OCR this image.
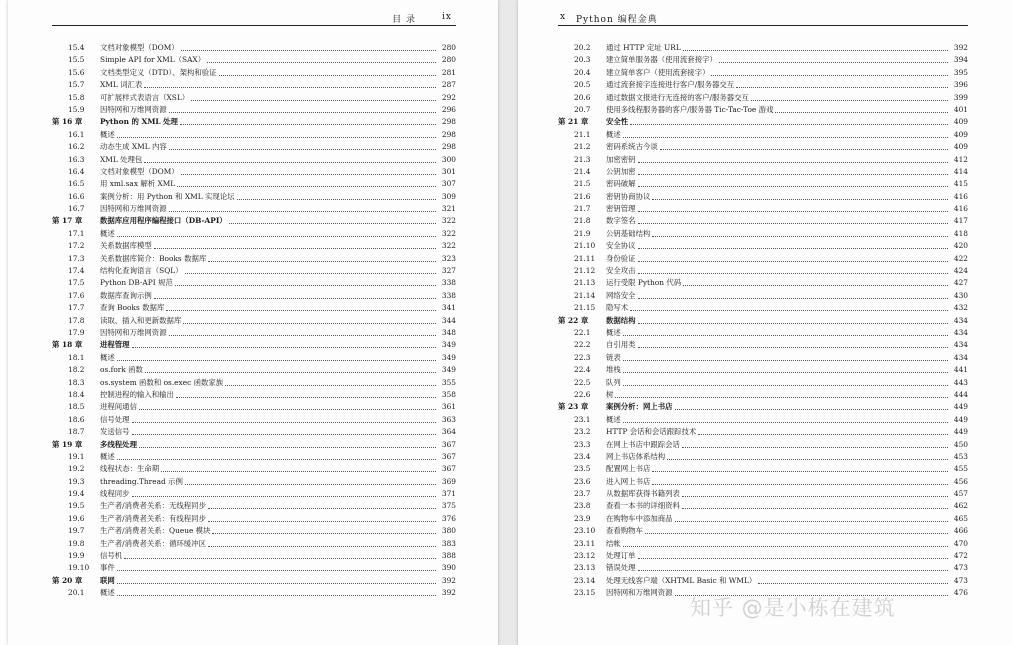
目 录	ix
15.4	文档对象模型（DOM）	280
15.5	Simple API for XML（SAX）	280
15.6	文档类型定义（DTD）、架构和验证	281
15.7	XML 词汇表	287
15.8	可扩展样式表语言（XSL）	292
15.9	因特网和万维网资源	296
第 16 章	Python 的 XML 处理	298
16.1	概述	298
16.2	动态生成 XML 内容	298
16.3	XML 处理包	300
16.4	文档对象模型（DOM）	301
16.5	用 xml.sax 解析 XML	307
16.6	案例分析：用 Python 和 XML 实现论坛	309
16.7	因特网和万维网资源	321
第 17 章	数据库应用程序编程接口（DB-API）	322
17.1	概述	322
17.2	关系数据库模型	322
17.3	关系数据库简介：Books 数据库	323
17.4	结构化查询语言（SQL）	327
17.5	Python DB-API 规范	338
17.6	数据库查询示例	338
17.7	查询 Books 数据库	341
17.8	读取、插入和更新数据库	344
17.9	因特网和万维网资源	348
第 18 章	进程管理	349
18.1	概述	349
18.2	os.fork 函数	349
18.3	os.system 函数和 os.exec 函数家族	355
18.4	控制进程的输入和输出	358
18.5	进程间通信	361
18.6	信号处理	363
18.7	发送信号	364
第 19 章	多线程处理	367
19.1	概述	367
19.2	线程状态：生命期	367
19.3	threading.Thread 示例	369
19.4	线程同步	371
19.5	生产者/消费者关系：无线程同步	375
19.6	生产者/消费者关系：有线程同步	376
19.7	生产者/消费者关系：Queue 模块	380
19.8	生产者/消费者关系：循环缓冲区	383
19.9	信号机	388
19.10	事件	390
第 20 章	联网	392
20.1	概述	392
x Python 编程金典
20.2	通过 HTTP 定址 URL	392
20.3	建立简单服务器（使用流套接字）	394
20.4	建立简单客户（使用流套接字）	395
20.5	通过流套接字连接进行客户/服务器交互	396
20.6	通过数据文报进行无连接的客户/服务器交互	399
20.7	使用多线程服务器的客户/服务器 Tic-Tac-Toe 游戏	401
第 21 章	安全性	409
21.1	概述	409
21.2	密码系统古今谈	409
21.3	加密密钥	412
21.4	公钥加密	414
21.5	密码破解	415
21.6	密钥协商协议	416
21.7	密钥管理	416
21.8	数字签名	417
21.9	公钥基础结构	418
21.10	安全协议	420
21.11	身份验证	422
21.12	安全攻击	424
21.13	运行受限 Python 代码	427
21.14	网络安全	430
21.15	隐写术	432
第 22 章	数据结构	434
22.1	概述	434
22.2	自引用类	434
22.3	链表	434
22.4	堆栈	441
22.5	队列	443
22.6	树	444
第 23 章	案例分析：网上书店	449
23.1	概述	449
23.2	HTTP 会话和会话跟踪技术	449
23.3	在网上书店中跟踪会话	450
23.4	网上书店体系结构	453
23.5	配置网上书店	455
23.6	进入网上书店	456
23.7	从数据库获得书籍列表	457
23.8	查看一本书的详细资料	462
23.9	在购物车中添加商品	465
23.10	查看购物车	466
23.11	结帐	470
23.12	处理订单	472
23.13	错误处理	473
23.14	处理无线客户端（XHTML Basic 和 WML）	473
23.15	因特网和万维网资源	476
知乎 @是小栋在建筑
